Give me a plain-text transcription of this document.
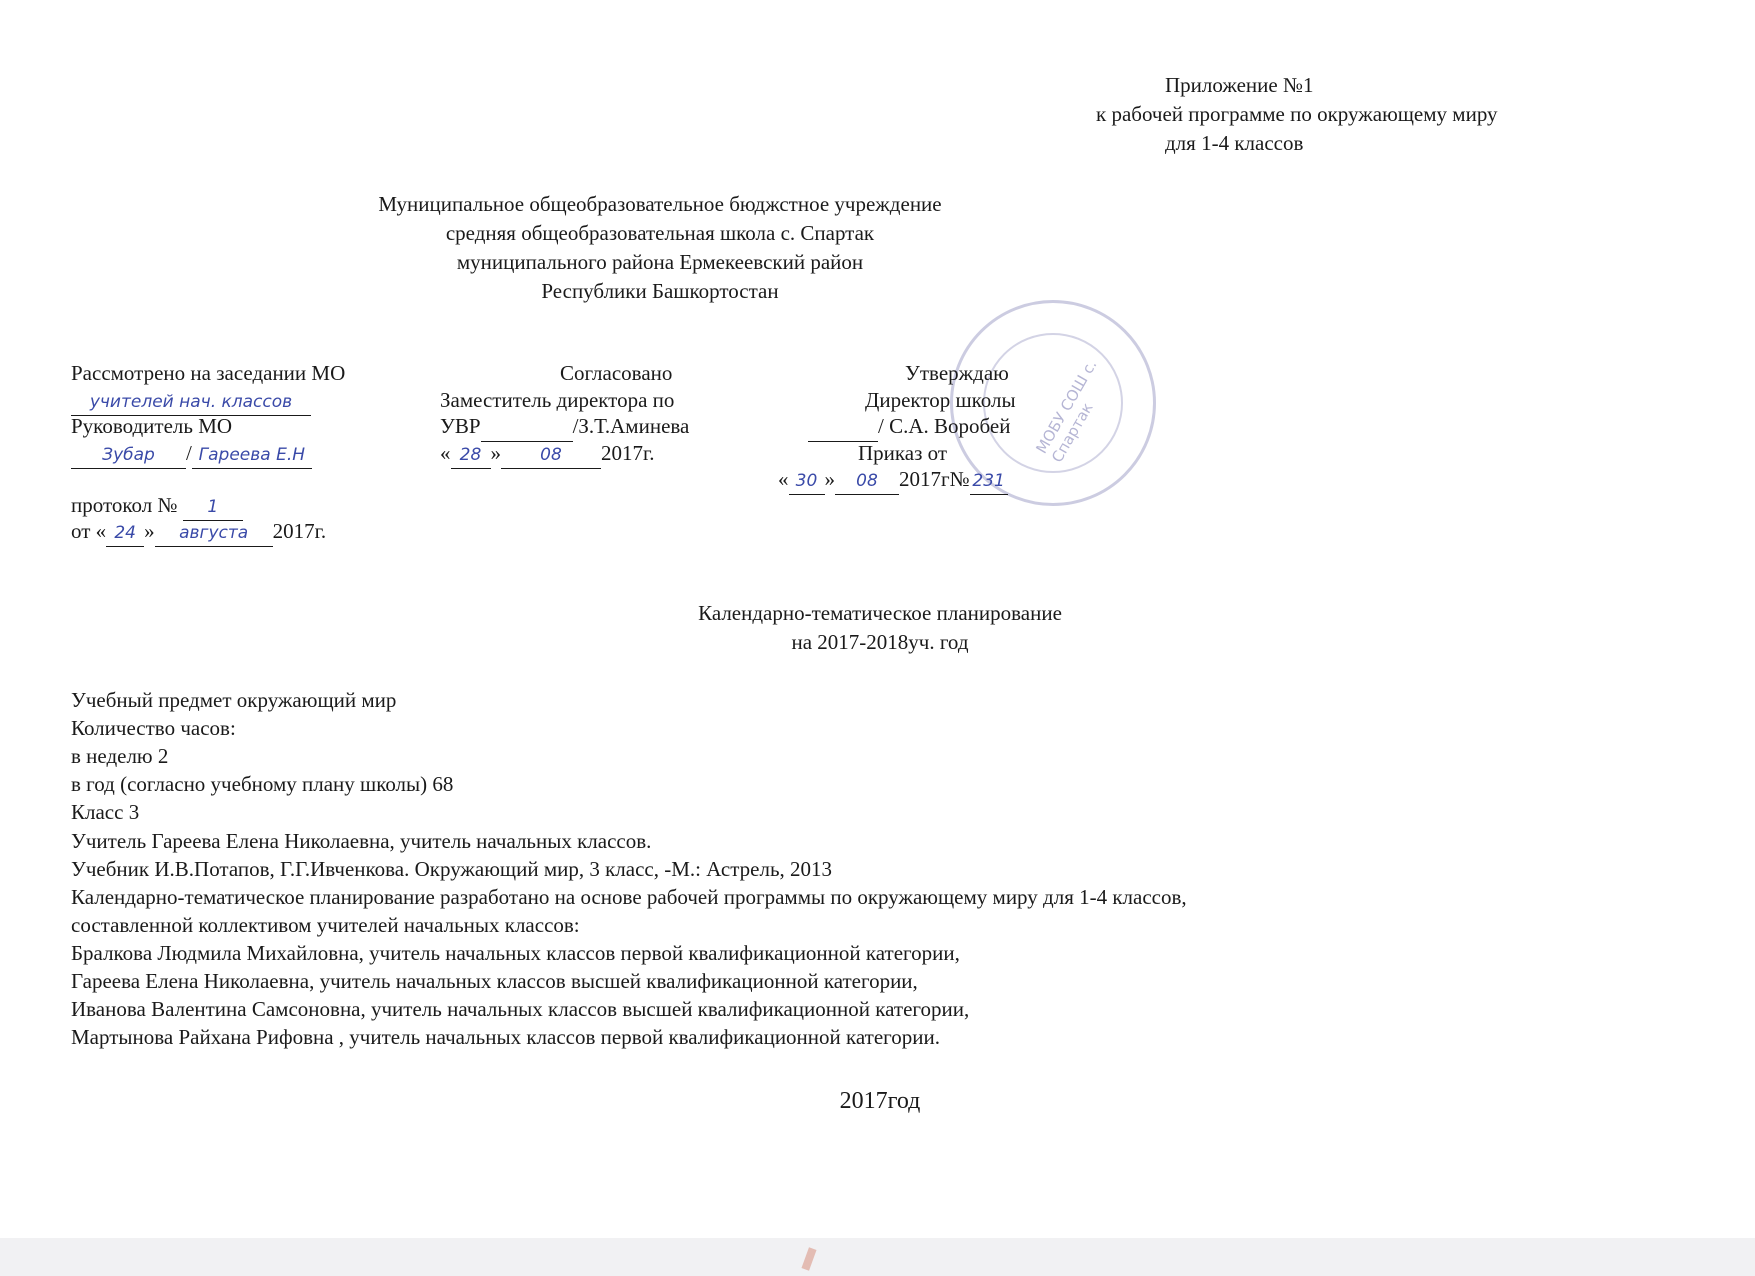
Приложение №1
к рабочей программе по окружающему миру
для 1-4 классов
Муниципальное общеобразовательное бюджстное учреждение
средняя общеобразовательная школа с. Спартак
муниципального района Ермекеевский район
Республики Башкортостан
МОБУ СОШ с. Спартак
Рассмотрено на заседании МО
учителей нач. классов
Руководитель МО
Зубар / Гареева Е.Н
протокол № 1
от « 24 » августа 2017г.
Согласовано
Заместитель директора по
УВР	/З.Т.Аминева
« 28 » 08 2017г.
Утверждаю
Директор школы
/ С.А. Воробей
Приказ от
« 30 » 08 2017г№ 231
Календарно-тематическое планирование
на 2017-2018уч. год
Учебный предмет окружающий мир
Количество часов:
в неделю 2
в год (согласно учебному плану школы) 68
Класс 3
Учитель Гареева Елена Николаевна, учитель начальных классов.
Учебник И.В.Потапов, Г.Г.Ивченкова. Окружающий мир, 3 класс, -М.: Астрель, 2013
Календарно-тематическое планирование разработано на основе рабочей программы по окружающему миру для 1-4 классов,
составленной коллективом учителей начальных классов:
Бралкова Людмила Михайловна, учитель начальных классов первой квалификационной категории,
Гареева Елена Николаевна, учитель начальных классов высшей квалификационной категории,
Иванова Валентина Самсоновна, учитель начальных классов высшей квалификационной категории,
Мартынова Райхана Рифовна , учитель начальных классов первой квалификационной категории.
2017год
